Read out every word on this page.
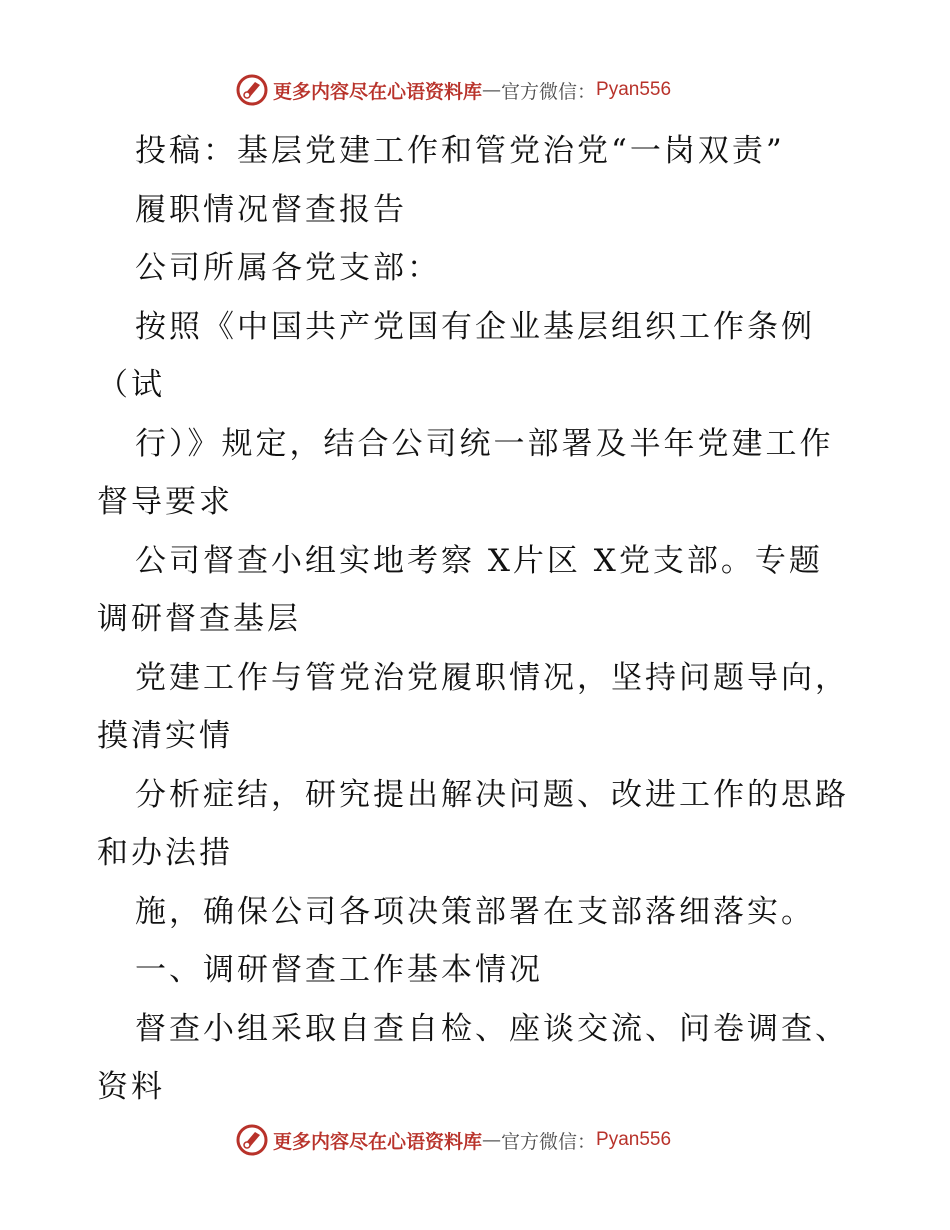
更多内容尽在心语资料库 — 官方微信： Pyan556
投稿：基层党建工作和管党治党“一岗双责”
履职情况督查报告
公司所属各党支部：
按照《中国共产党国有企业基层组织工作条例
（试
行）》规定，结合公司统一部署及半年党建工作
督导要求
公司督查小组实地考察 X片区 X党支部。专题
调研督查基层
党建工作与管党治党履职情况，坚持问题导向，
摸清实情
分析症结，研究提出解决问题、改进工作的思路
和办法措
施，确保公司各项决策部署在支部落细落实。
一、调研督查工作基本情况
督查小组采取自查自检、座谈交流、问卷调查、
资料
更多内容尽在心语资料库 — 官方微信： Pyan556
